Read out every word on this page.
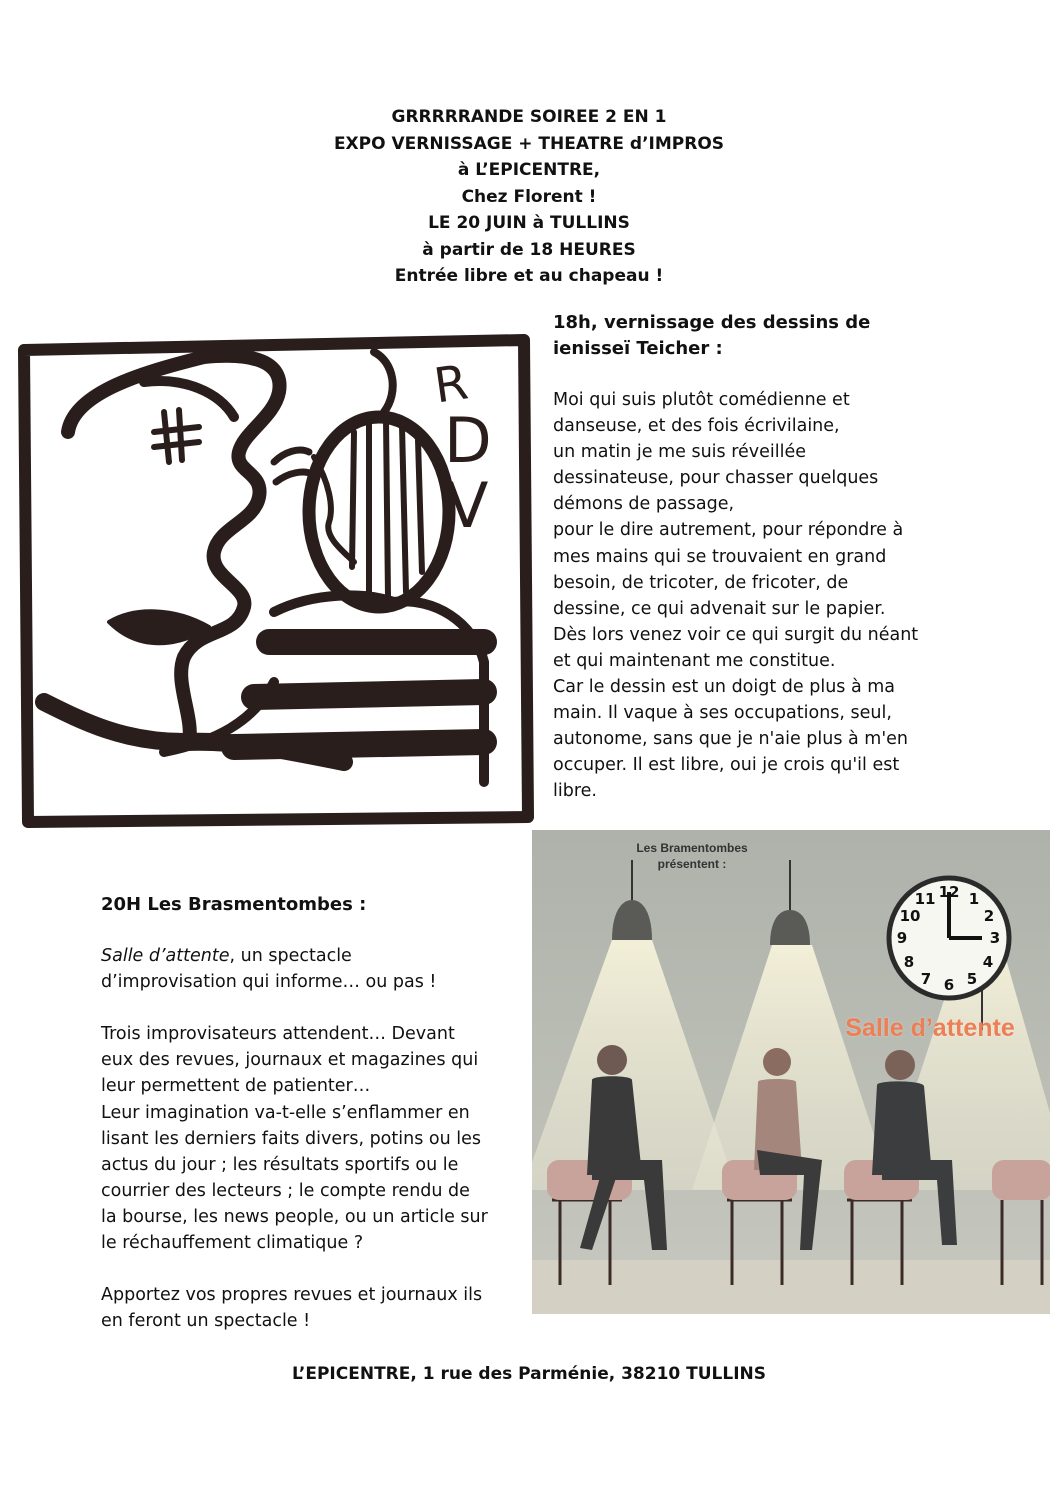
GRRRRRANDE SOIREE 2 EN 1
EXPO VERNISSAGE + THEATRE d’IMPROS
à L’EPICENTRE,
Chez Florent !
LE 20 JUIN à TULLINS
à partir de 18 HEURES
Entrée libre et au chapeau !
R
D
V
18h, vernissage des dessins de
ienisseï Teicher :
Moi qui suis plutôt comédienne et
danseuse, et des fois écrivilaine,
un matin je me suis réveillée
dessinateuse, pour chasser quelques
démons de passage,
pour le dire autrement, pour répondre à
mes mains qui se trouvaient en grand
besoin, de tricoter, de fricoter, de
dessine, ce qui advenait sur le papier.
Dès lors venez voir ce qui surgit du néant
et qui maintenant me constitue.
Car le dessin est un doigt de plus à ma
main. Il vaque à ses occupations, seul,
autonome, sans que je n'aie plus à m'en
occuper. Il est libre, oui je crois qu'il est
libre.
Les Bramentombes
présentent :
12 1
2
3
4
5
6
7
8
9
10
11
Salle d’attente
20H Les Brasmentombes :
Salle d’attente, un spectacle
d’improvisation qui informe… ou pas !
Trois improvisateurs attendent… Devant
eux des revues, journaux et magazines qui
leur permettent de patienter…
Leur imagination va-t-elle s’enflammer en
lisant les derniers faits divers, potins ou les
actus du jour ; les résultats sportifs ou le
courrier des lecteurs ; le compte rendu de
la bourse, les news people, ou un article sur
le réchauffement climatique ?
Apportez vos propres revues et journaux ils
en feront un spectacle !
L’EPICENTRE, 1 rue des Parménie, 38210 TULLINS
